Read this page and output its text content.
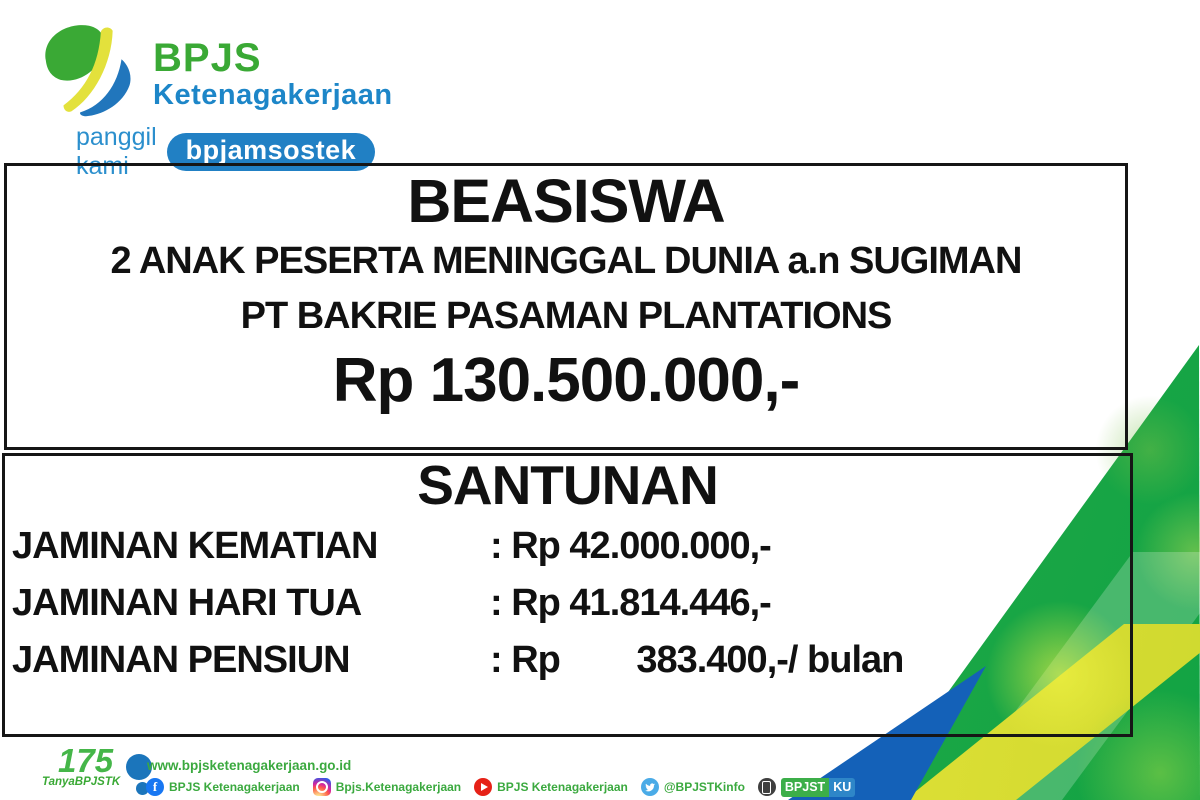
BPJS
Ketenagakerjaan
panggil kami
bpjamsostek
BEASISWA
2 ANAK PESERTA MENINGGAL DUNIA a.n SUGIMAN
PT BAKRIE PASAMAN PLANTATIONS
Rp 130.500.000,-
SANTUNAN
JAMINAN KEMATIAN	: Rp 42.000.000,-
JAMINAN HARI TUA	: Rp 41.814.446,-
JAMINAN PENSIUN	: Rp        383.400,-/ bulan
175
TanyaBPJSTK
www.bpjsketenagakerjaan.go.id
f BPJS Ketenagakerjaan	Bpjs.Ketenagakerjaan	BPJS Ketenagakerjaan	@BPJSTKinfo	BPJST KU
